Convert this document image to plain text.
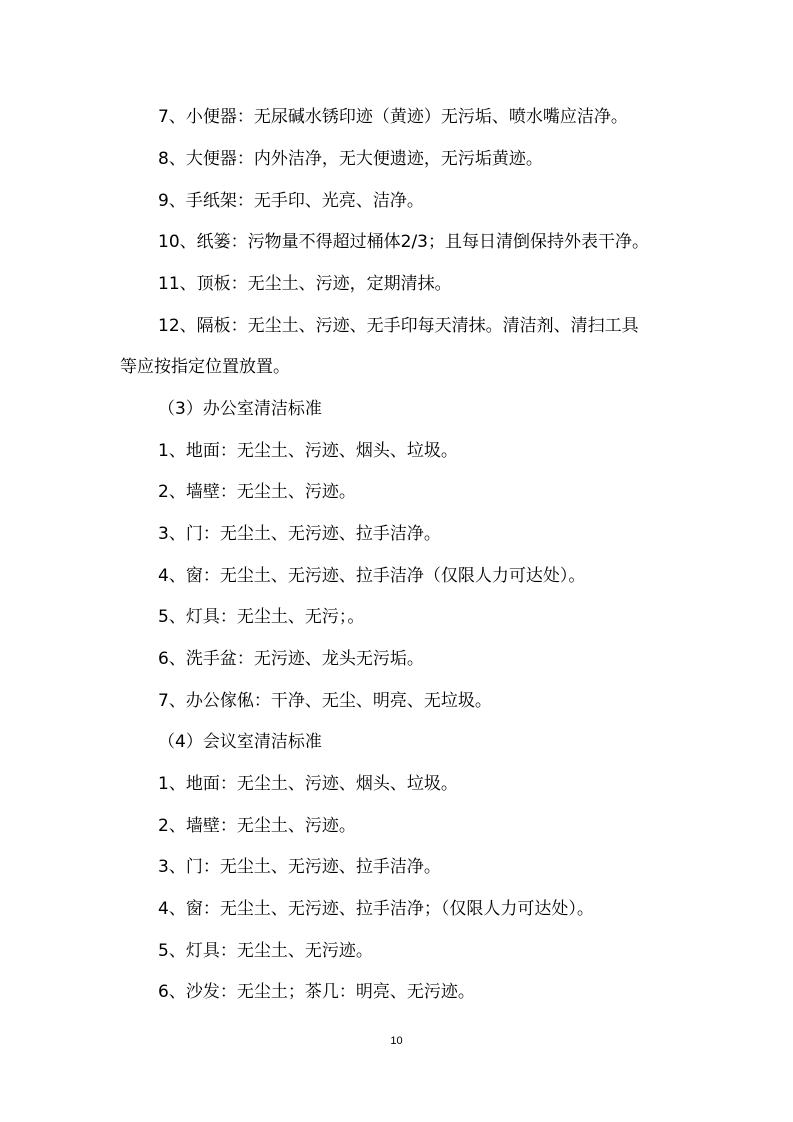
7、小便器：无尿碱水锈印迹（黄迹）无污垢、喷水嘴应洁净。
8、大便器：内外洁净，无大便遗迹，无污垢黄迹。
9、手纸架：无手印、光亮、洁净。
10、纸篓：污物量不得超过桶体2/3；且每日清倒保持外表干净。
11、顶板：无尘土、污迹，定期清抹。
12、隔板：无尘土、污迹、无手印每天清抹。清洁剂、清扫工具
等应按指定位置放置。
（3）办公室清洁标准
1、地面：无尘土、污迹、烟头、垃圾。
2、墙壁：无尘土、污迹。
3、门：无尘土、无污迹、拉手洁净。
4、窗：无尘土、无污迹、拉手洁净（仅限人力可达处）。
5、灯具：无尘土、无污；。
6、洗手盆：无污迹、龙头无污垢。
7、办公傢俬：干净、无尘、明亮、无垃圾。
（4）会议室清洁标准
1、地面：无尘土、污迹、烟头、垃圾。
2、墙壁：无尘土、污迹。
3、门：无尘土、无污迹、拉手洁净。
4、窗：无尘土、无污迹、拉手洁净；（仅限人力可达处）。
5、灯具：无尘土、无污迹。
6、沙发：无尘土；茶几：明亮、无污迹。
10
